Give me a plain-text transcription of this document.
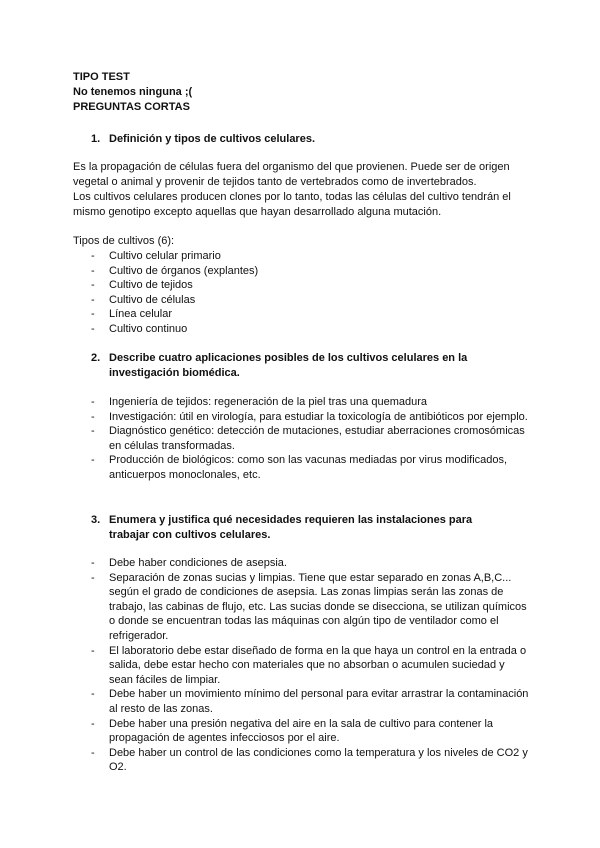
TIPO TEST
No tenemos ninguna ;(
PREGUNTAS CORTAS
1. Definición y tipos de cultivos celulares.

Es la propagación de células fuera del organismo del que provienen. Puede ser de origen vegetal o animal y provenir de tejidos tanto de vertebrados como de invertebrados.

Los cultivos celulares producen clones por lo tanto, todas las células del cultivo tendrán el mismo genotipo excepto aquellas que hayan desarrollado alguna mutación.

Tipos de cultivos (6):
- Cultivo celular primario
- Cultivo de órganos (explantes)
- Cultivo de tejidos
- Cultivo de células
- Línea celular
- Cultivo continuo
2. Describe cuatro aplicaciones posibles de los cultivos celulares en la investigación biomédica.
- Ingeniería de tejidos: regeneración de la piel tras una quemadura
- Investigación: útil en virología, para estudiar la toxicología de antibióticos por ejemplo.
- Diagnóstico genético: detección de mutaciones, estudiar aberraciones cromosómicas en células transformadas.
- Producción de biológicos: como son las vacunas mediadas por virus modificados, anticuerpos monoclonales, etc.
3. Enumera y justifica qué necesidades requieren las instalaciones para trabajar con cultivos celulares.
- Debe haber condiciones de asepsia.
- Separación de zonas sucias y limpias. Tiene que estar separado en zonas A,B,C... según el grado de condiciones de asepsia. Las zonas limpias serán las zonas de trabajo, las cabinas de flujo, etc. Las sucias donde se disecciona, se utilizan químicos o donde se encuentran todas las máquinas con algún tipo de ventilador como el refrigerador.
- El laboratorio debe estar diseñado de forma en la que haya un control en la entrada o salida, debe estar hecho con materiales que no absorban o acumulen suciedad y sean fáciles de limpiar.
- Debe haber un movimiento mínimo del personal para evitar arrastrar la contaminación al resto de las zonas.
- Debe haber una presión negativa del aire en la sala de cultivo para contener la propagación de agentes infecciosos por el aire.
- Debe haber un control de las condiciones como la temperatura y los niveles de CO2 y O2.
